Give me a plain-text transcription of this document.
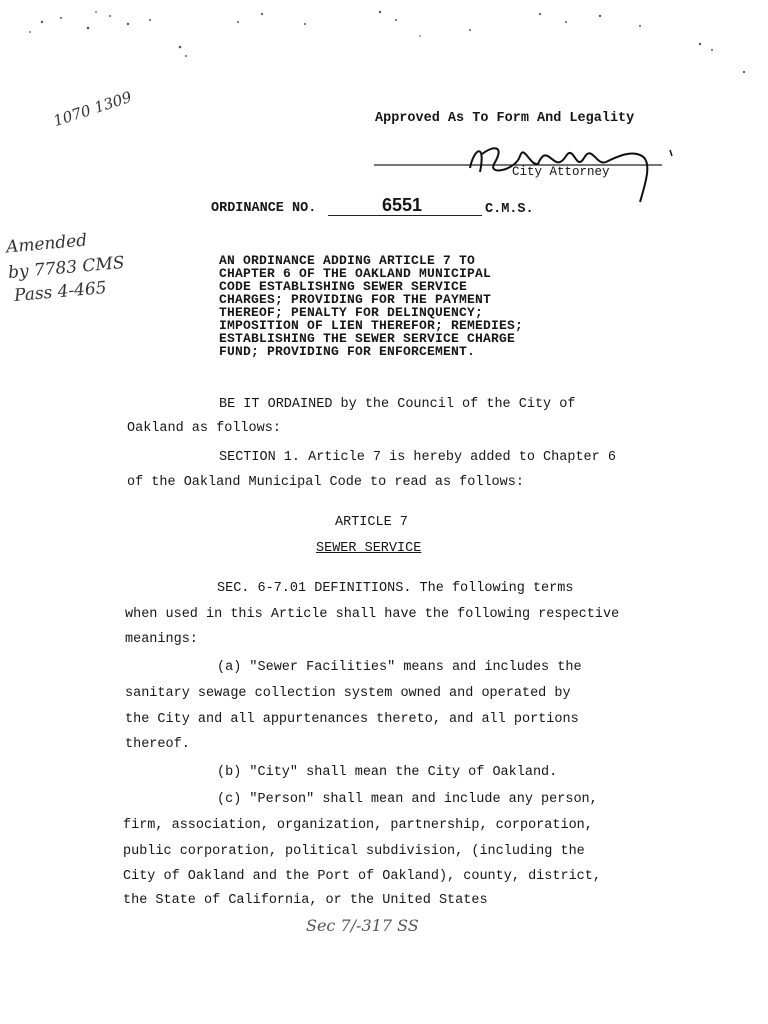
1070 1309
Amended
by 7783 CMS
Pass 4-465
Approved As To Form And Legality
City Attorney
ORDINANCE NO.	6551	C.M.S.
AN ORDINANCE ADDING ARTICLE 7 TO
CHAPTER 6 OF THE OAKLAND MUNICIPAL
CODE ESTABLISHING SEWER SERVICE
CHARGES; PROVIDING FOR THE PAYMENT
THEREOF; PENALTY FOR DELINQUENCY;
IMPOSITION OF LIEN THEREFOR; REMEDIES;
ESTABLISHING THE SEWER SERVICE CHARGE
FUND; PROVIDING FOR ENFORCEMENT.
BE IT ORDAINED by the Council of the City of
Oakland as follows:
SECTION 1. Article 7 is hereby added to Chapter 6
of the Oakland Municipal Code to read as follows:
ARTICLE 7
SEWER SERVICE
SEC. 6-7.01 DEFINITIONS. The following terms
when used in this Article shall have the following respective
meanings:
(a) "Sewer Facilities" means and includes the
sanitary sewage collection system owned and operated by
the City and all appurtenances thereto, and all portions
thereof.
(b) "City" shall mean the City of Oakland.
(c) "Person" shall mean and include any person,
firm, association, organization, partnership, corporation,
public corporation, political subdivision, (including the
City of Oakland and the Port of Oakland), county, district,
the State of California, or the United States
Sec 7/-317 SS
